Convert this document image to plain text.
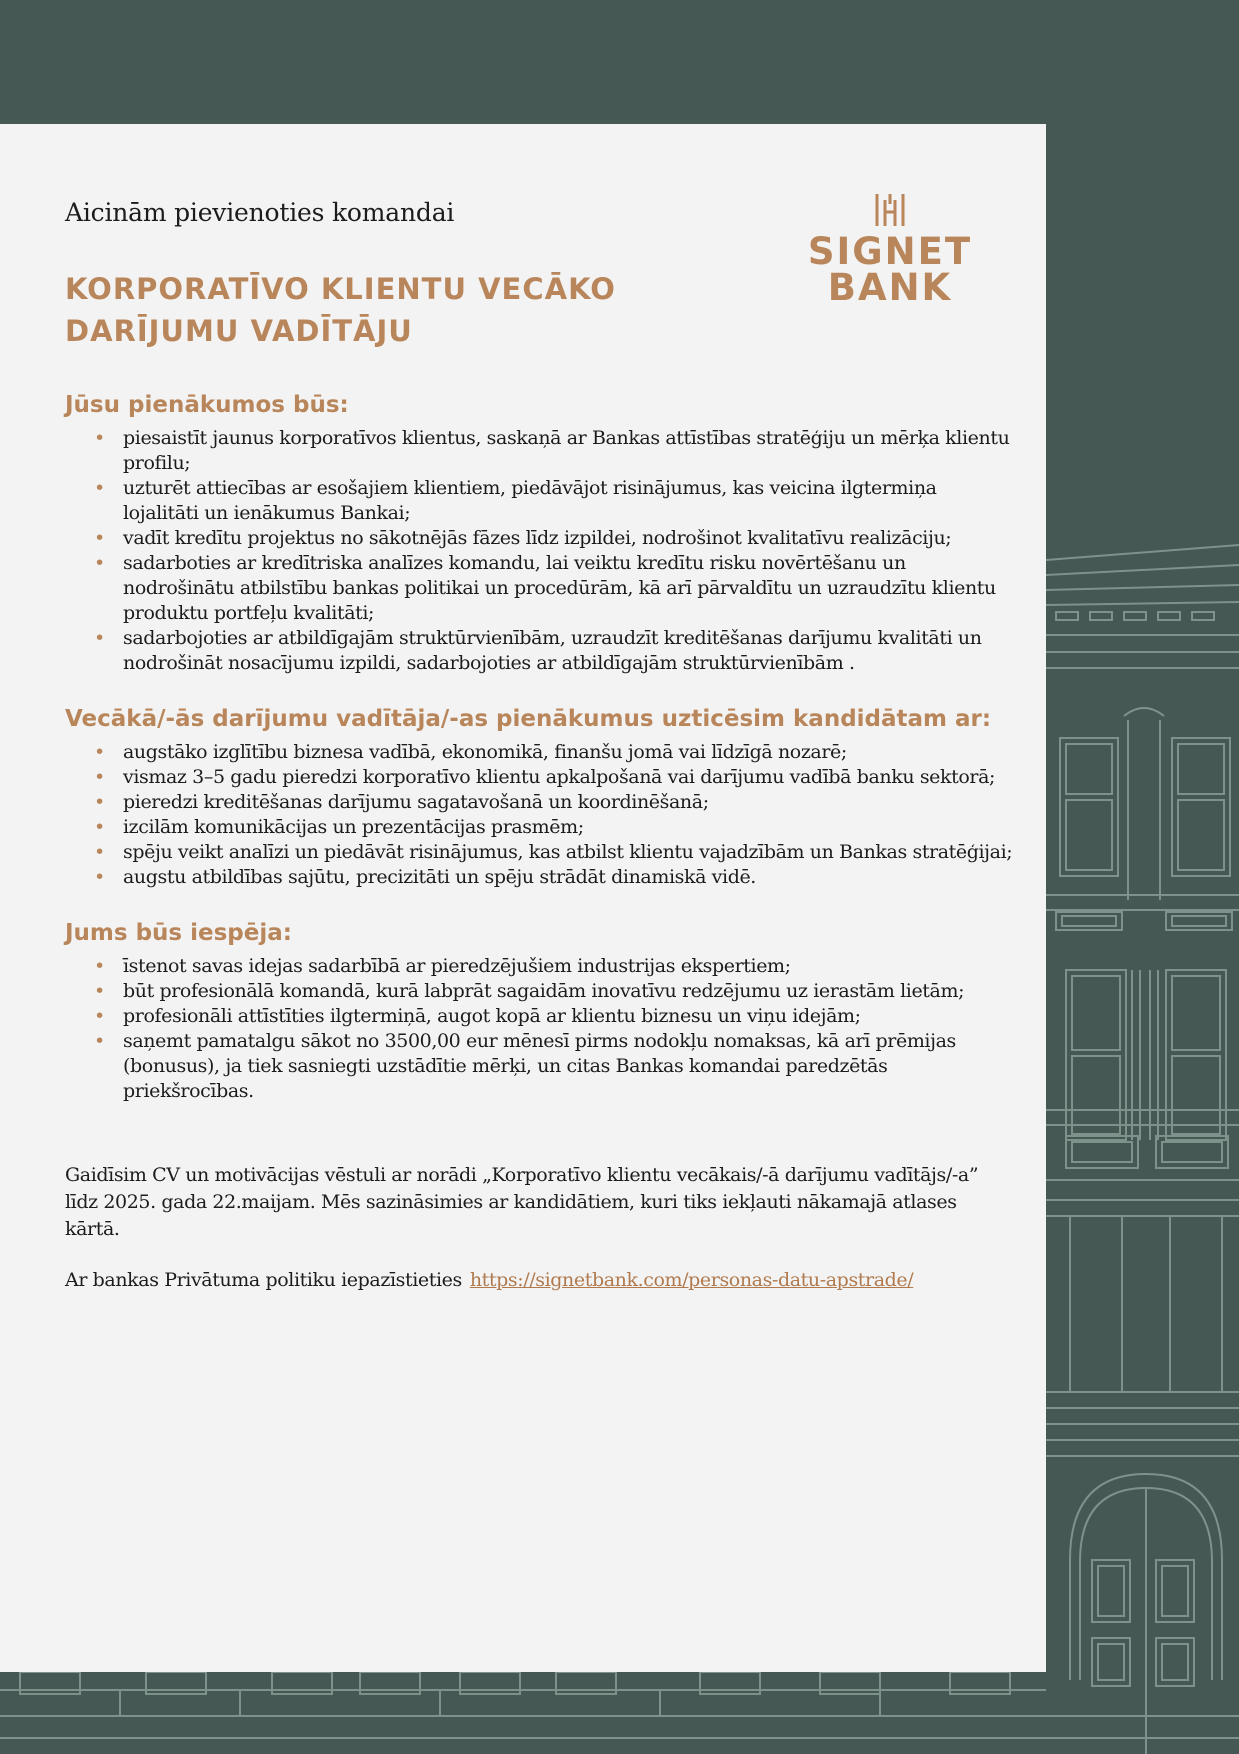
Aicinām pievienoties komandai
KORPORATĪVO KLIENTU VECĀKO DARĪJUMU VADĪTĀJU
SIGNET
BANK
Jūsu pienākumos būs:
• piesaistīt jaunus korporatīvos klientus, saskaņā ar Bankas attīstības stratēģiju un mērķa klientu profilu;
• uzturēt attiecības ar esošajiem klientiem, piedāvājot risinājumus, kas veicina ilgtermiņa lojalitāti un ienākumus Bankai;
• vadīt kredītu projektus no sākotnējās fāzes līdz izpildei, nodrošinot kvalitatīvu realizāciju;
• sadarboties ar kredītriska analīzes komandu, lai veiktu kredītu risku novērtēšanu un nodrošinātu atbilstību bankas politikai un procedūrām, kā arī pārvaldītu un uzraudzītu klientu produktu portfeļu kvalitāti;
• sadarbojoties ar atbildīgajām struktūrvienībām, uzraudzīt kreditēšanas darījumu kvalitāti un nodrošināt nosacījumu izpildi, sadarbojoties ar atbildīgajām struktūrvienībām .
Vecākā/-ās darījumu vadītāja/-as pienākumus uzticēsim kandidātam ar:
• augstāko izglītību biznesa vadībā, ekonomikā, finanšu jomā vai līdzīgā nozarē;
• vismaz 3–5 gadu pieredzi korporatīvo klientu apkalpošanā vai darījumu vadībā banku sektorā;
• pieredzi kreditēšanas darījumu sagatavošanā un koordinēšanā;
• izcilām komunikācijas un prezentācijas prasmēm;
• spēju veikt analīzi un piedāvāt risinājumus, kas atbilst klientu vajadzībām un Bankas stratēģijai;
• augstu atbildības sajūtu, precizitāti un spēju strādāt dinamiskā vidē.
Jums būs iespēja:
• īstenot savas idejas sadarbībā ar pieredzējušiem industrijas ekspertiem;
• būt profesionālā komandā, kurā labprāt sagaidām inovatīvu redzējumu uz ierastām lietām;
• profesionāli attīstīties ilgtermiņā, augot kopā ar klientu biznesu un viņu idejām;
• saņemt pamatalgu sākot no 3500,00 eur mēnesī pirms nodokļu nomaksas, kā arī prēmijas (bonusus), ja tiek sasniegti uzstādītie mērķi, un citas Bankas komandai paredzētās priekšrocības.

Gaidīsim CV un motivācijas vēstuli ar norādi „Korporatīvo klientu vecākais/-ā darījumu vadītājs/-a” līdz 2025. gada 22.maijam. Mēs sazināsimies ar kandidātiem, kuri tiks iekļauti nākamajā atlases kārtā.

Ar bankas Privātuma politiku iepazīstieties https://signetbank.com/personas-datu-apstrade/
